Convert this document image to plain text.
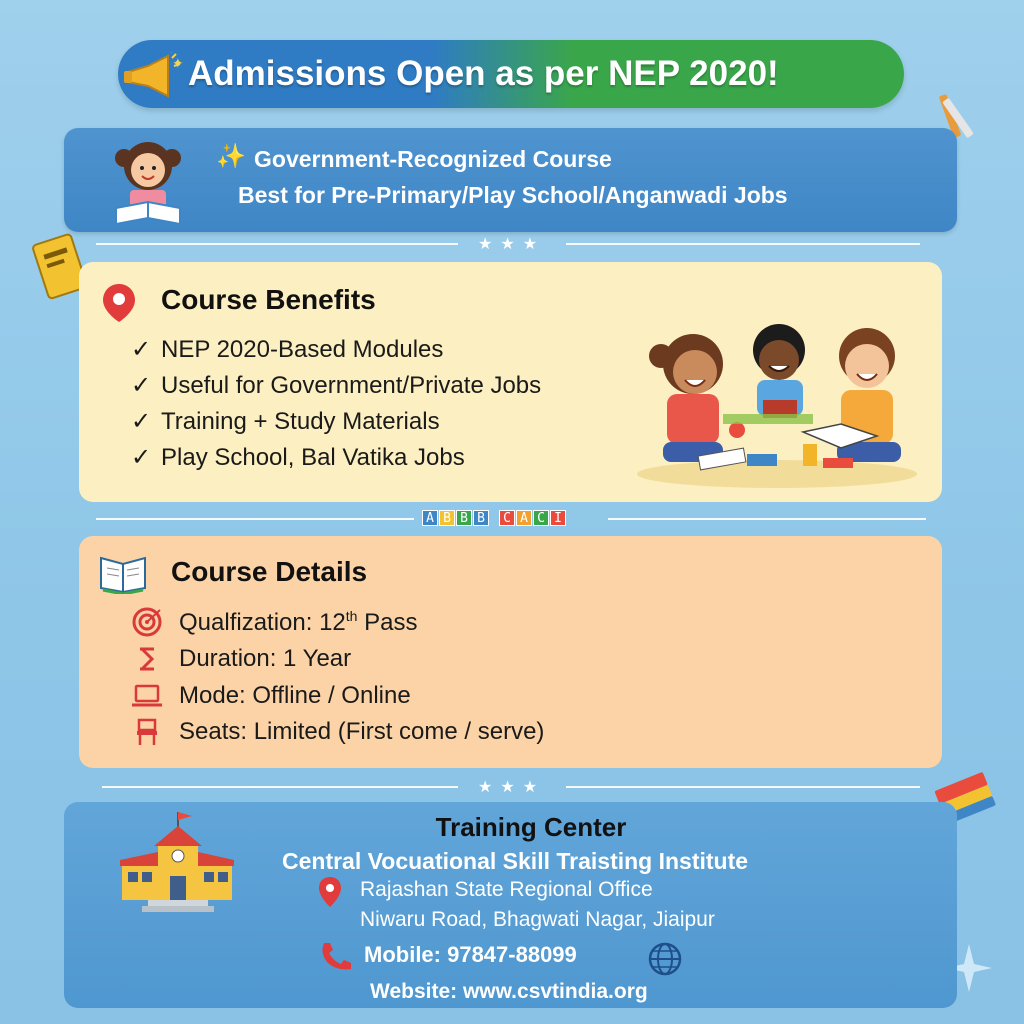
Admissions Open as per NEP 2020!
✦
✨ Government-Recognized Course
Best for Pre-Primary/Play School/Anganwadi Jobs
★★★
Course Benefits
✓ NEP 2020-Based Modules
✓ Useful for Government/Private Jobs
✓ Training + Study Materials
✓ Play School, Bal Vatika Jobs
A B B B	C A C I
Course Details
Qualfization: 12th Pass
Duration: 1 Year
Mode: Offline / Online
Seats: Limited (First come / serve)
★★★
Training Center
Central Vocuational Skill Traisting Institute
Rajashan State Regional Office
Niwaru Road, Bhagwati Nagar, Jiaipur
Mobile: 97847-88099
Website: www.csvtindia.org
